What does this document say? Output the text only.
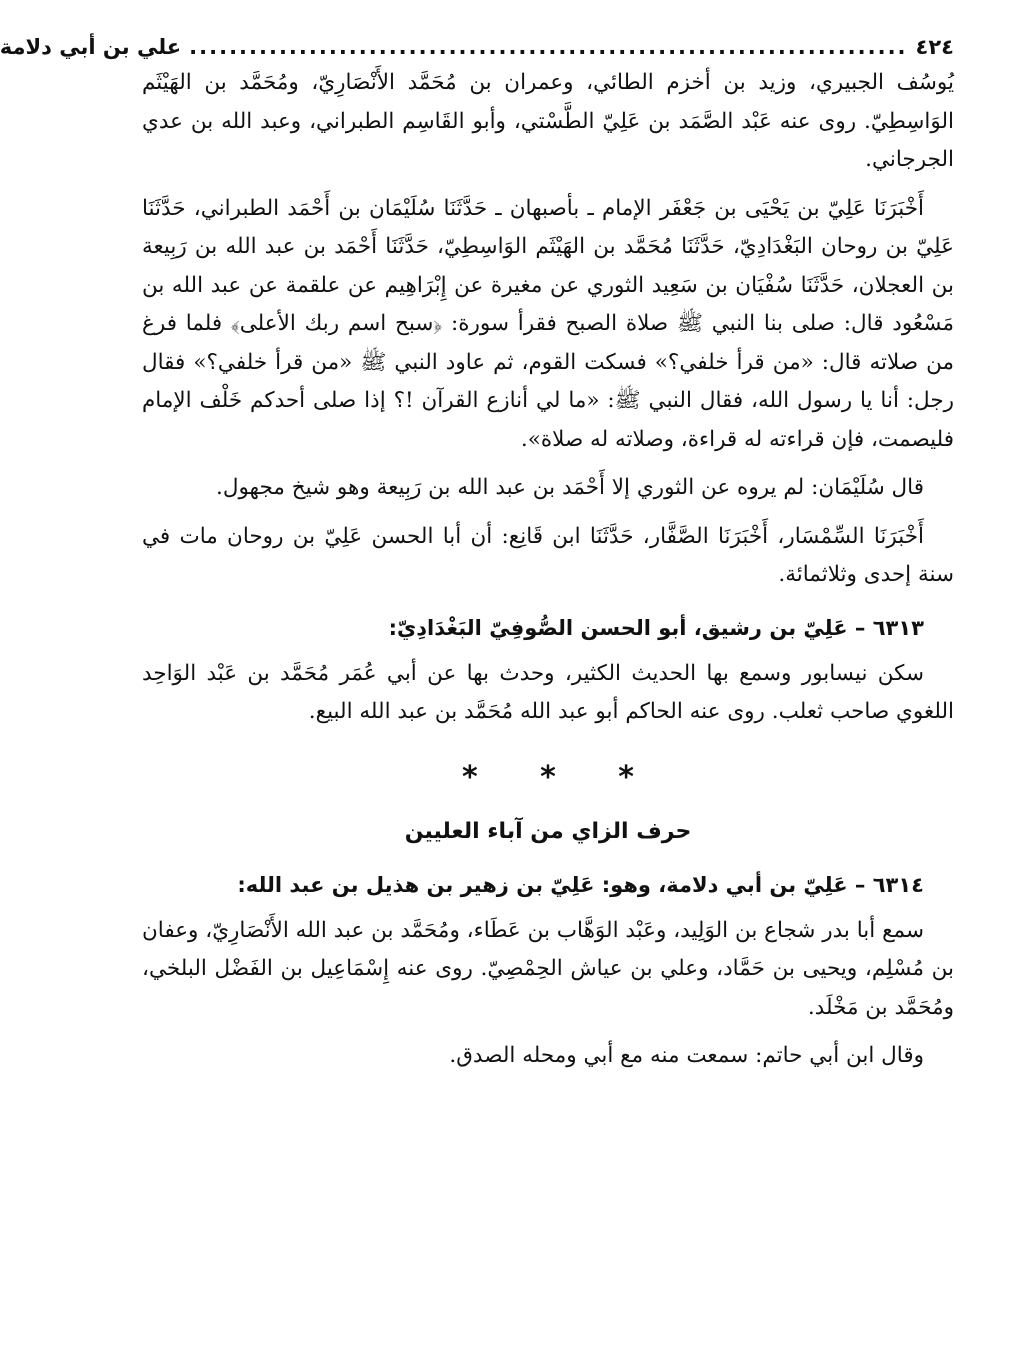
٤٢٤
........................................................................
علي بن أبي دلامة

يُوسُف الجبيري، وزيد بن أخزم الطائي، وعمران بن مُحَمَّد الأَنْصَارِيّ، ومُحَمَّد بن الهَيْثَم الوَاسِطِيّ. روى عنه عَبْد الصَّمَد بن عَلِيّ الطَّسْتي، وأبو القَاسِم الطبراني، وعبد الله بن عدي الجرجاني.

أَخْبَرَنَا عَلِيّ بن يَحْيَى بن جَعْفَر الإمام ـ بأصبهان ـ حَدَّثَنَا سُلَيْمَان بن أَحْمَد الطبراني، حَدَّثَنَا عَلِيّ بن روحان البَغْدَادِيّ، حَدَّثَنَا مُحَمَّد بن الهَيْثَم الوَاسِطِيّ، حَدَّثَنَا أَحْمَد بن عبد الله بن رَبِيعة بن العجلان، حَدَّثَنَا سُفْيَان بن سَعِيد الثوري عن مغيرة عن إِبْرَاهِيم عن علقمة عن عبد الله بن مَسْعُود قال: صلى بنا النبي ﷺ صلاة الصبح فقرأ سورة: ﴿سبح اسم ربك الأعلى﴾ فلما فرغ من صلاته قال: «من قرأ خلفي؟» فسكت القوم، ثم عاود النبي ﷺ «من قرأ خلفي؟» فقال رجل: أنا يا رسول الله، فقال النبي ﷺ: «ما لي أنازع القرآن !؟ إذا صلى أحدكم خَلْف الإمام فليصمت، فإن قراءته له قراءة، وصلاته له صلاة».

قال سُلَيْمَان: لم يروه عن الثوري إلا أَحْمَد بن عبد الله بن رَبِيعة وهو شيخ مجهول.

أَخْبَرَنَا السِّمْسَار، أَخْبَرَنَا الصَّفَّار، حَدَّثَنَا ابن قَانِع: أن أبا الحسن عَلِيّ بن روحان مات في سنة إحدى وثلاثمائة.

٦٣١٣ – عَلِيّ بن رشيق، أبو الحسن الصُّوفِيّ البَغْدَادِيّ:

سكن نيسابور وسمع بها الحديث الكثير، وحدث بها عن أبي عُمَر مُحَمَّد بن عَبْد الوَاحِد اللغوي صاحب ثعلب. روى عنه الحاكم أبو عبد الله مُحَمَّد بن عبد الله البيع.

* * *
حرف الزاي من آباء العليين
٦٣١٤ – عَلِيّ بن أبي دلامة، وهو: عَلِيّ بن زهير بن هذيل بن عبد الله:

سمع أبا بدر شجاع بن الوَلِيد، وعَبْد الوَهَّاب بن عَطَاء، ومُحَمَّد بن عبد الله الأَنْصَارِيّ، وعفان بن مُسْلِم، ويحيى بن حَمَّاد، وعلي بن عياش الحِمْصِيّ. روى عنه إِسْمَاعِيل بن الفَضْل البلخي، ومُحَمَّد بن مَخْلَد.

وقال ابن أبي حاتم: سمعت منه مع أبي ومحله الصدق.
